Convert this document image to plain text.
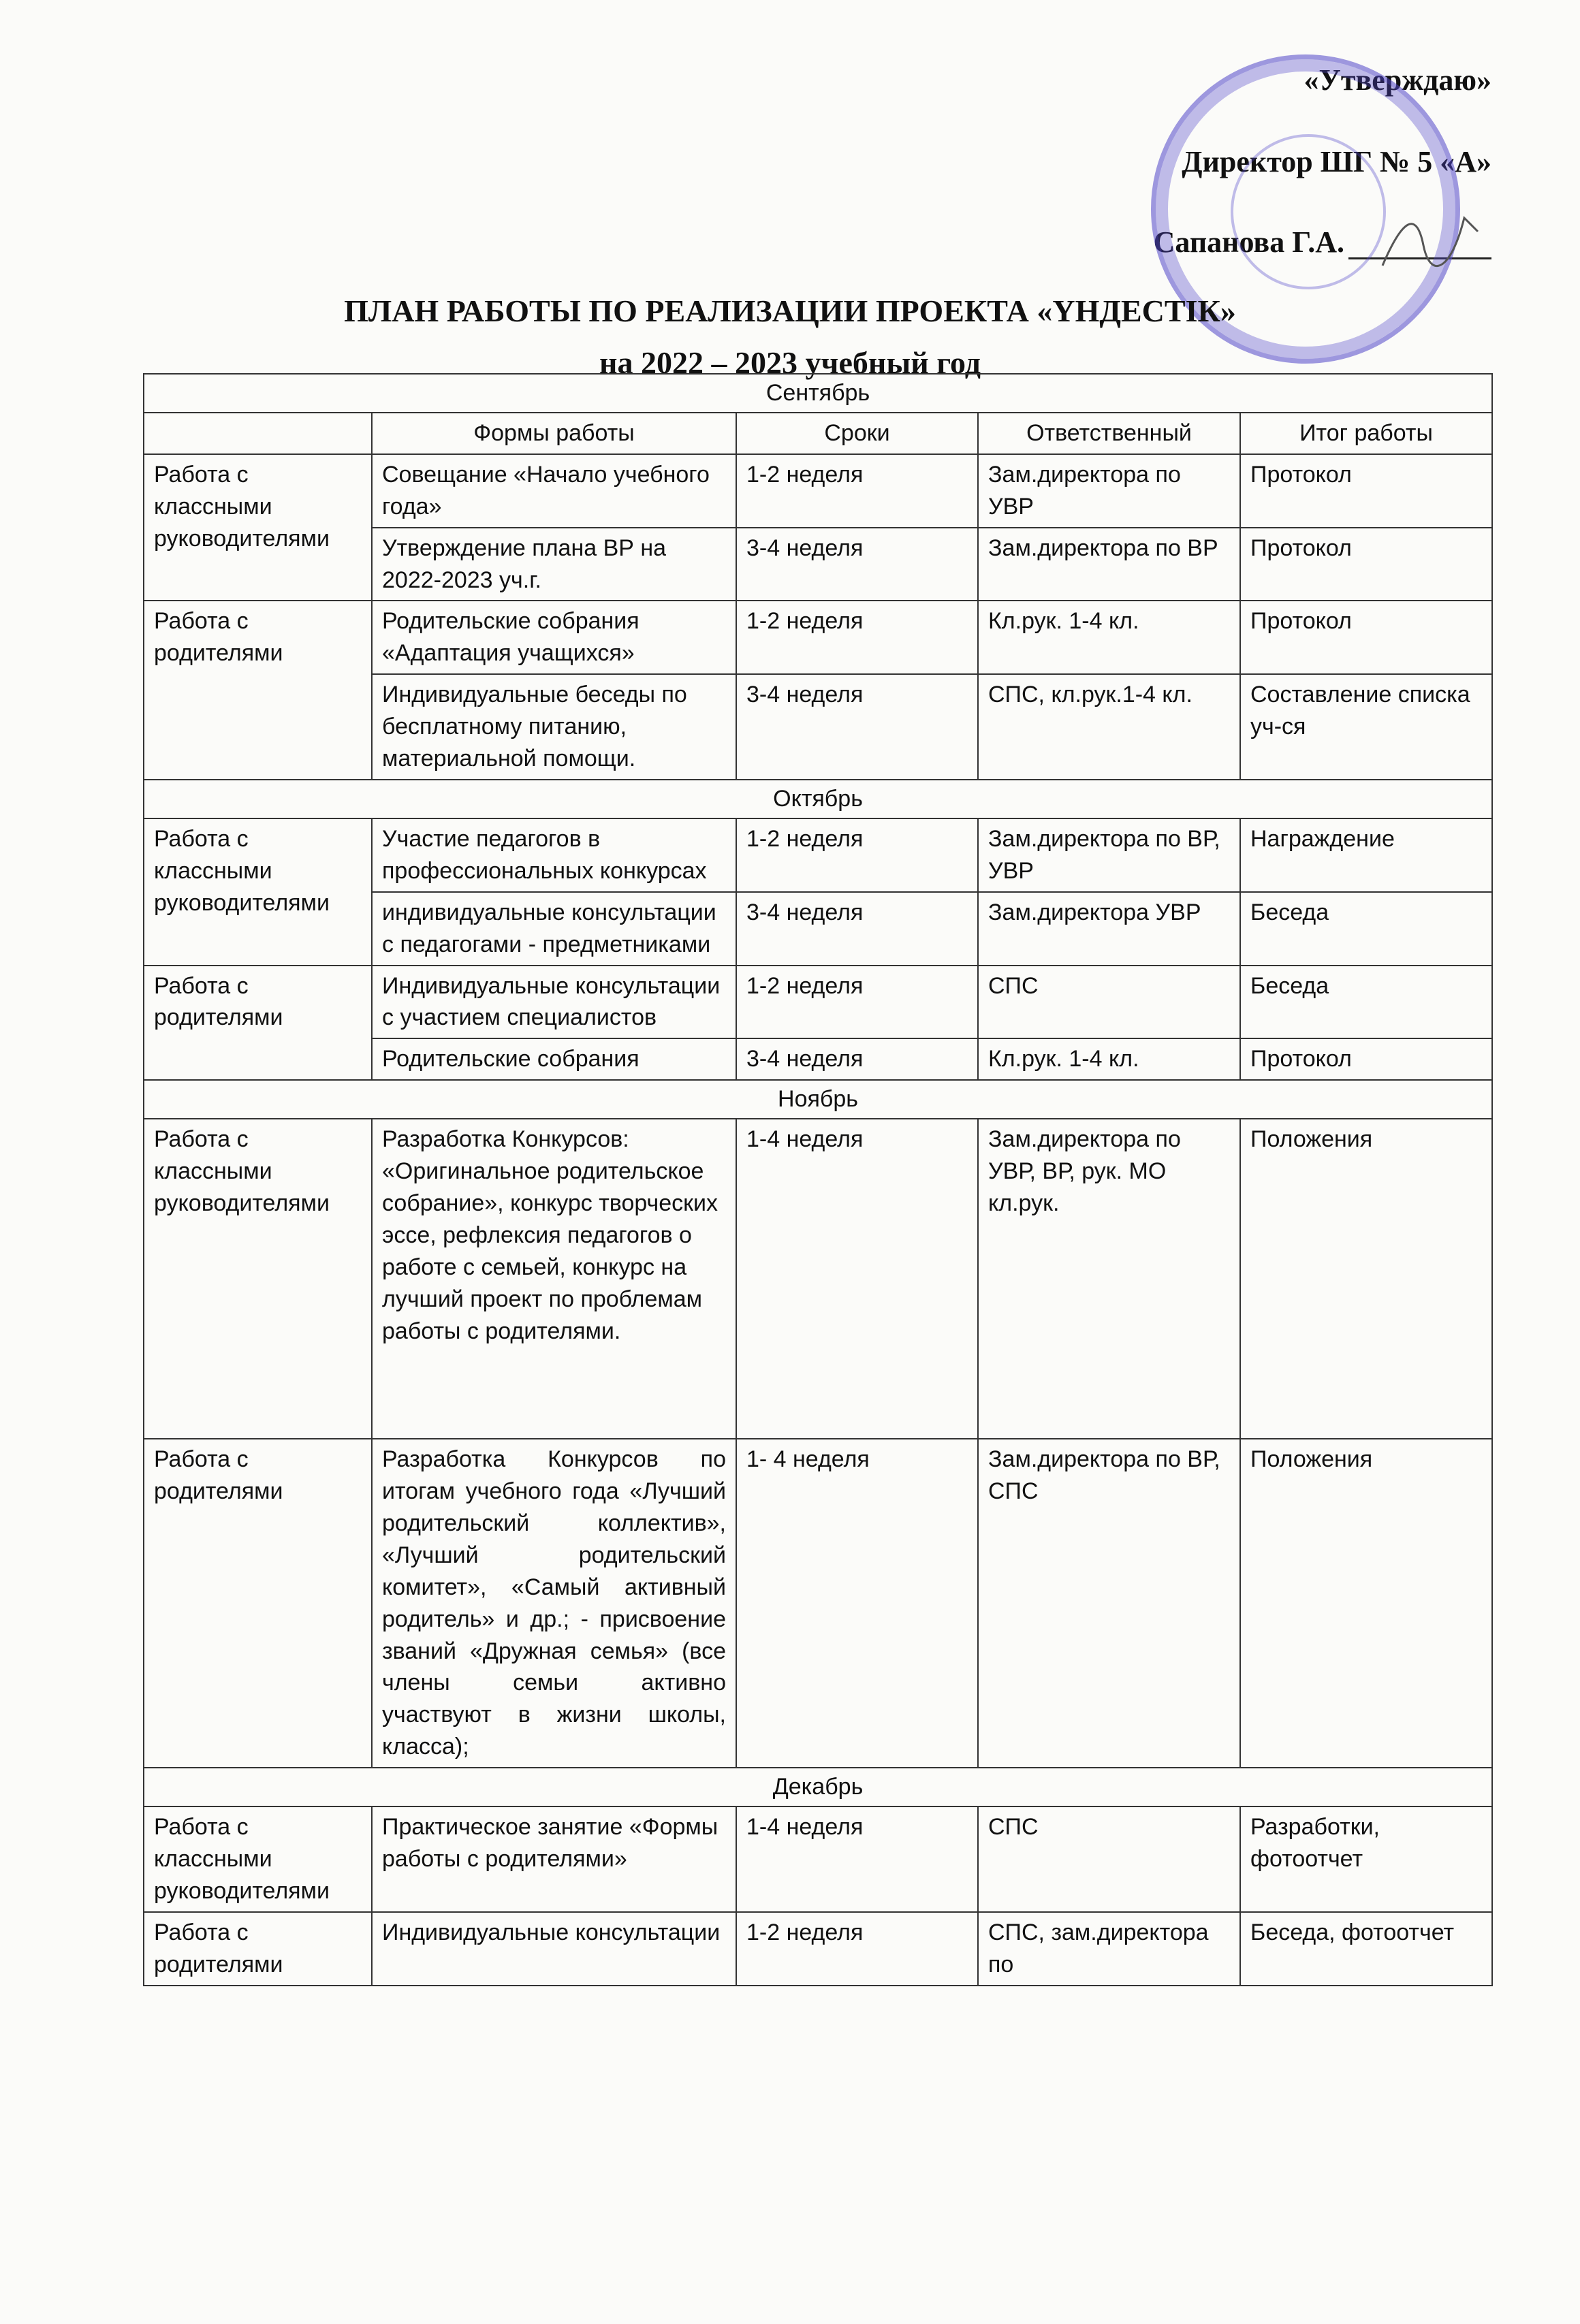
«Утверждаю»
Директор ШГ № 5 «А»
Сапанова Г.А.
ПЛАН РАБОТЫ ПО РЕАЛИЗАЦИИ ПРОЕКТА «ҮНДЕСТІК»
на 2022 – 2023 учебный год
Сентябрь				
	Формы работы	Сроки	Ответственный	Итог работы
Работа с классными руководителями	Совещание «Начало учебного года»	1-2 неделя	Зам.директора по УВР	Протокол
	Утверждение плана ВР на 2022-2023 уч.г.	3-4 неделя	Зам.директора по ВР	Протокол
Работа с родителями	Родительские собрания «Адаптация учащихся»	1-2 неделя	Кл.рук. 1-4 кл.	Протокол
	Индивидуальные беседы по бесплатному питанию, материальной помощи.	3-4 неделя	СПС, кл.рук.1-4 кл.	Составление списка уч-ся
Октябрь				
Работа с классными руководителями	Участие педагогов в профессиональных конкурсах	1-2 неделя	Зам.директора по ВР, УВР	Награждение
	индивидуальные консультации с педагогами - предметниками	3-4 неделя	Зам.директора УВР	Беседа
Работа с родителями	Индивидуальные консультации с участием специалистов	1-2 неделя	СПС	Беседа
	Родительские собрания	3-4 неделя	Кл.рук. 1-4 кл.	Протокол
Ноябрь				
Работа с классными руководителями	Разработка Конкурсов: «Оригинальное родительское собрание», конкурс творческих эссе, рефлексия педагогов о работе с семьей, конкурс на лучший проект по проблемам работы с родителями.	1-4 неделя	Зам.директора по УВР, ВР, рук. МО кл.рук.	Положения
Работа с родителями	Разработка Конкурсов по итогам учебного года «Лучший родительский коллектив», «Лучший родительский комитет», «Самый активный родитель» и др.; - присвоение званий «Дружная семья» (все члены семьи активно участвуют в жизни школы, класса);	1- 4 неделя	Зам.директора по ВР, СПС	Положения
Декабрь				
Работа с классными руководителями	Практическое занятие «Формы работы с родителями»	1-4 неделя	СПС	Разработки, фотоотчет
Работа с родителями	Индивидуальные консультации	1-2 неделя	СПС, зам.директора по	Беседа, фотоотчет
